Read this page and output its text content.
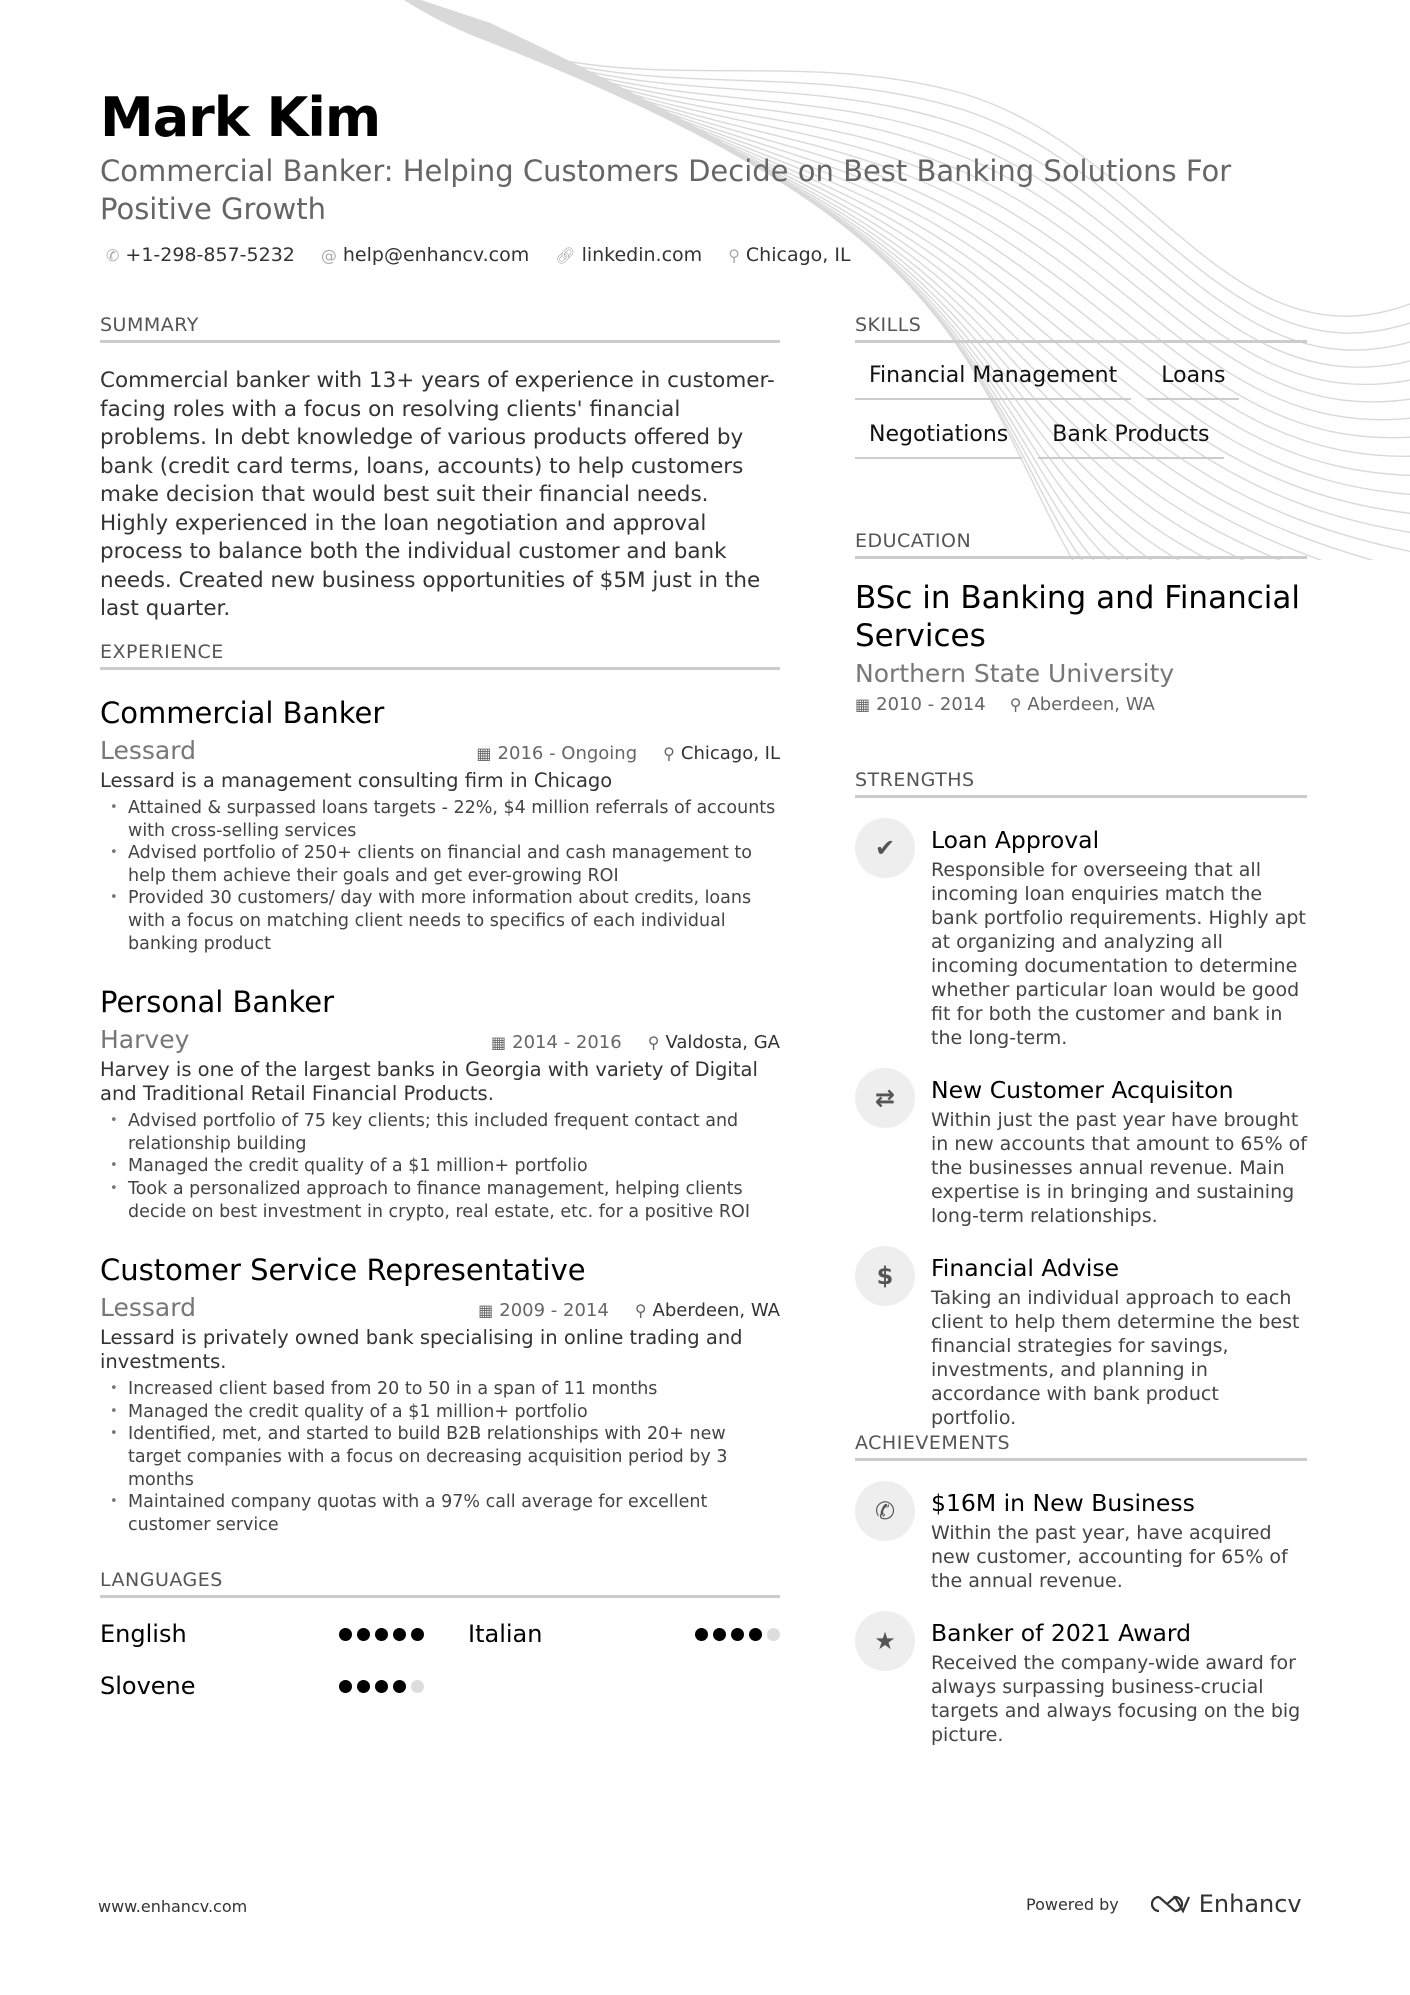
Mark Kim
Commercial Banker: Helping Customers Decide on Best Banking Solutions For Positive Growth
✆ +1-298-857-5232 @ help@enhancv.com 🔗︎ linkedin.com ⚲ Chicago, IL
SUMMARY
Commercial banker with 13+ years of experience in customer-facing roles with a focus on resolving clients' financial problems. In debt knowledge of various products offered by bank (credit card terms, loans, accounts) to help customers make decision that would best suit their financial needs. Highly experienced in the loan negotiation and approval process to balance both the individual customer and bank needs. Created new business opportunities of $5M just in the last quarter.
EXPERIENCE
Commercial Banker
Lessard	▦ 2016 - Ongoing ⚲ Chicago, IL
Lessard is a management consulting firm in Chicago
• Attained & surpassed loans targets - 22%, $4 million referrals of accounts with cross-selling services
• Advised portfolio of 250+ clients on financial and cash management to help them achieve their goals and get ever-growing ROI
• Provided 30 customers/ day with more information about credits, loans with a focus on matching client needs to specifics of each individual banking product
Personal Banker
Harvey	▦ 2014 - 2016 ⚲ Valdosta, GA
Harvey is one of the largest banks in Georgia with variety of Digital and Traditional Retail Financial Products.
• Advised portfolio of 75 key clients; this included frequent contact and relationship building
• Managed the credit quality of a $1 million+ portfolio
• Took a personalized approach to finance management, helping clients decide on best investment in crypto, real estate, etc. for a positive ROI
Customer Service Representative
Lessard	▦ 2009 - 2014 ⚲ Aberdeen, WA
Lessard is privately owned bank specialising in online trading and investments.
• Increased client based from 20 to 50 in a span of 11 months
• Managed the credit quality of a $1 million+ portfolio
• Identified, met, and started to build B2B relationships with 20+ new target companies with a focus on decreasing acquisition period by 3 months
• Maintained company quotas with a 97% call average for excellent customer service
LANGUAGES
English	Italian
Slovene
SKILLS
Financial Management	Loans
Negotiations	Bank Products
EDUCATION
BSc in Banking and Financial Services
Northern State University
▦ 2010 - 2014 ⚲ Aberdeen, WA
STRENGTHS
✔	Loan Approval
Responsible for overseeing that all incoming loan enquiries match the bank portfolio requirements. Highly apt at organizing and analyzing all incoming documentation to determine whether particular loan would be good fit for both the customer and bank in the long-term.
⇄	New Customer Acquisiton
Within just the past year have brought in new accounts that amount to 65% of the businesses annual revenue. Main expertise is in bringing and sustaining long-term relationships.
$	Financial Advise
Taking an individual approach to each client to help them determine the best financial strategies for savings, investments, and planning in accordance with bank product portfolio.
ACHIEVEMENTS
✆	$16M in New Business
Within the past year, have acquired new customer, accounting for 65% of the annual revenue.
★	Banker of 2021 Award
Received the company-wide award for always surpassing business-crucial targets and always focusing on the big picture.
www.enhancv.com	Powered by	Enhancv
